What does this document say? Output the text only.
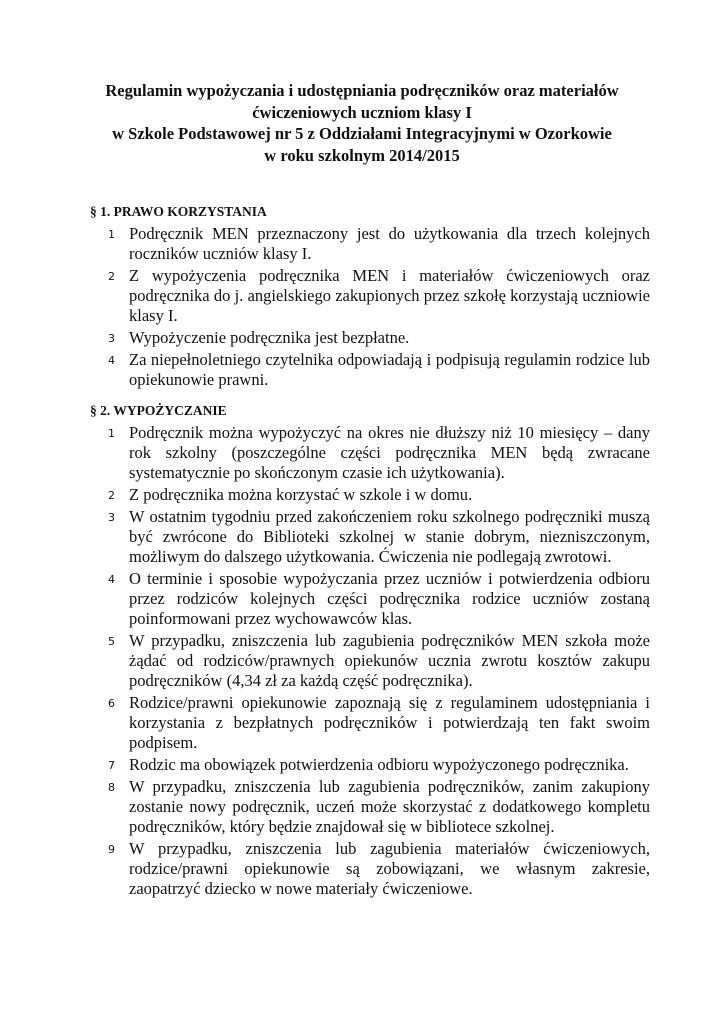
Regulamin wypożyczania i udostępniania podręczników oraz materiałów
ćwiczeniowych uczniom klasy I
w Szkole Podstawowej nr 5 z Oddziałami Integracyjnymi w Ozorkowie
w roku szkolnym 2014/2015
§ 1. PRAWO KORZYSTANIA
1 Podręcznik MEN przeznaczony jest do użytkowania dla trzech kolejnych roczników uczniów klasy I.
2 Z wypożyczenia podręcznika MEN i materiałów ćwiczeniowych oraz podręcznika do j. angielskiego zakupionych przez szkołę korzystają uczniowie klasy I.
3 Wypożyczenie podręcznika jest bezpłatne.
4 Za niepełnoletniego czytelnika odpowiadają i podpisują regulamin rodzice lub opiekunowie prawni.
§ 2. WYPOŻYCZANIE
1 Podręcznik można wypożyczyć na okres nie dłuższy niż 10 miesięcy – dany rok szkolny (poszczególne części podręcznika MEN będą zwracane systematycznie po skończonym czasie ich użytkowania).
2 Z podręcznika można korzystać w szkole i w domu.
3 W ostatnim tygodniu przed zakończeniem roku szkolnego podręczniki muszą być zwrócone do Biblioteki szkolnej w stanie dobrym, niezniszczonym, możliwym do dalszego użytkowania. Ćwiczenia nie podlegają zwrotowi.
4 O terminie i sposobie wypożyczania przez uczniów i potwierdzenia odbioru przez rodziców kolejnych części podręcznika rodzice uczniów zostaną poinformowani przez wychowawców klas.
5 W przypadku, zniszczenia lub zagubienia podręczników MEN szkoła może żądać od rodziców/prawnych opiekunów ucznia zwrotu kosztów zakupu podręczników (4,34 zł za każdą część podręcznika).
6 Rodzice/prawni opiekunowie zapoznają się z regulaminem udostępniania i korzystania z bezpłatnych podręczników i potwierdzają ten fakt swoim podpisem.
7 Rodzic ma obowiązek potwierdzenia odbioru wypożyczonego podręcznika.
8 W przypadku, zniszczenia lub zagubienia podręczników, zanim zakupiony zostanie nowy podręcznik, uczeń może skorzystać z dodatkowego kompletu podręczników, który będzie znajdował się w bibliotece szkolnej.
9 W przypadku, zniszczenia lub zagubienia materiałów ćwiczeniowych, rodzice/prawni opiekunowie są zobowiązani, we własnym zakresie, zaopatrzyć dziecko w nowe materiały ćwiczeniowe.
